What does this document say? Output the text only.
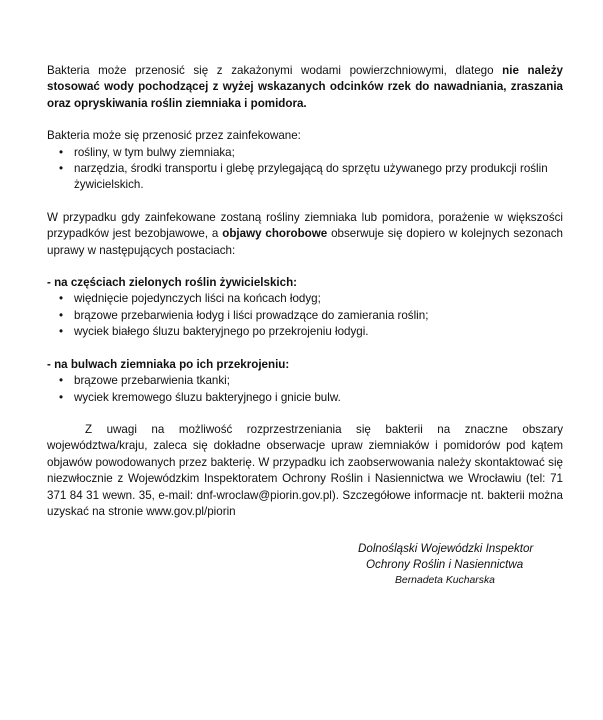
Bakteria może przenosić się z zakażonymi wodami powierzchniowymi, dlatego nie należy stosować wody pochodzącej z wyżej wskazanych odcinków rzek do nawadniania, zraszania oraz opryskiwania roślin ziemniaka i pomidora.

Bakteria może się przenosić przez zainfekowane:

• rośliny, w tym bulwy ziemniaka;
• narzędzia, środki transportu i glebę przylegającą do sprzętu używanego przy produkcji roślin żywicielskich.

W przypadku gdy zainfekowane zostaną rośliny ziemniaka lub pomidora, porażenie w większości przypadków jest bezobjawowe, a objawy chorobowe obserwuje się dopiero w kolejnych sezonach uprawy w następujących postaciach:

- na częściach zielonych roślin żywicielskich:

• więdnięcie pojedynczych liści na końcach łodyg;
• brązowe przebarwienia łodyg i liści prowadzące do zamierania roślin;
• wyciek białego śluzu bakteryjnego po przekrojeniu łodygi.

- na bulwach ziemniaka po ich przekrojeniu:

• brązowe przebarwienia tkanki;
• wyciek kremowego śluzu bakteryjnego i gnicie bulw.

Z uwagi na możliwość rozprzestrzeniania się bakterii na znaczne obszary województwa/kraju, zaleca się dokładne obserwacje upraw ziemniaków i pomidorów pod kątem objawów powodowanych przez bakterię. W przypadku ich zaobserwowania należy skontaktować się niezwłocznie z Wojewódzkim Inspektoratem Ochrony Roślin i Nasiennictwa we Wrocławiu (tel: 71 371 84 31 wewn. 35, e-mail: dnf-wroclaw@piorin.gov.pl). Szczegółowe informacje nt. bakterii można uzyskać na stronie www.gov.pl/piorin

Dolnośląski Wojewódzki Inspektor
Ochrony Roślin i Nasiennictwa
Bernadeta Kucharska
